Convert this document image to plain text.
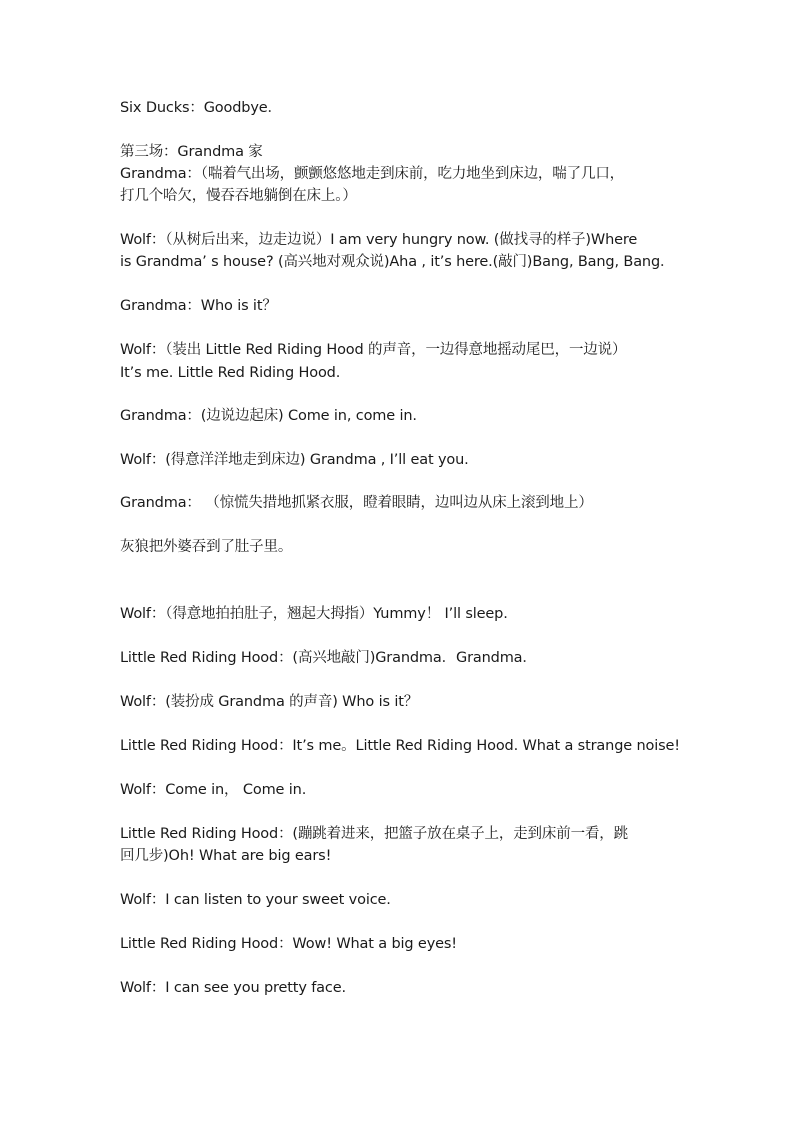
Six Ducks：Goodbye．
第三场：Grandma 家
Grandma：（喘着气出场，颤颤悠悠地走到床前，吃力地坐到床边，喘了几口，
打几个哈欠，慢吞吞地躺倒在床上。）
Wolf：（从树后出来，边走边说）I am very hungry now. (做找寻的样子)Where
is Grandma’ s house? (高兴地对观众说)Aha , it’s here.(敲门)Bang, Bang, Bang．
Grandma：Who is it？
Wolf：（装出 Little Red Riding Hood 的声音，一边得意地摇动尾巴，一边说）
It’s me. Little Red Riding Hood.
Grandma：(边说边起床) Come in, come in.
Wolf：(得意洋洋地走到床边) Grandma , I’ll eat you.
Grandma： （惊慌失措地抓紧衣服，瞪着眼睛，边叫边从床上滚到地上）
灰狼把外婆吞到了肚子里。
Wolf：（得意地拍拍肚子，翘起大拇指）Yummy！ I’ll sleep.
Little Red Riding Hood：(高兴地敲门)Grandma．Grandma．
Wolf：(装扮成 Grandma 的声音) Who is it？
Little Red Riding Hood：It’s me。Little Red Riding Hood. What a strange noise!
Wolf：Come in， Come in.
Little Red Riding Hood：(蹦跳着进来，把篮子放在桌子上，走到床前一看，跳
回几步)Oh! What are big ears!
Wolf：I can listen to your sweet voice.
Little Red Riding Hood：Wow! What a big eyes!
Wolf：I can see you pretty face.
